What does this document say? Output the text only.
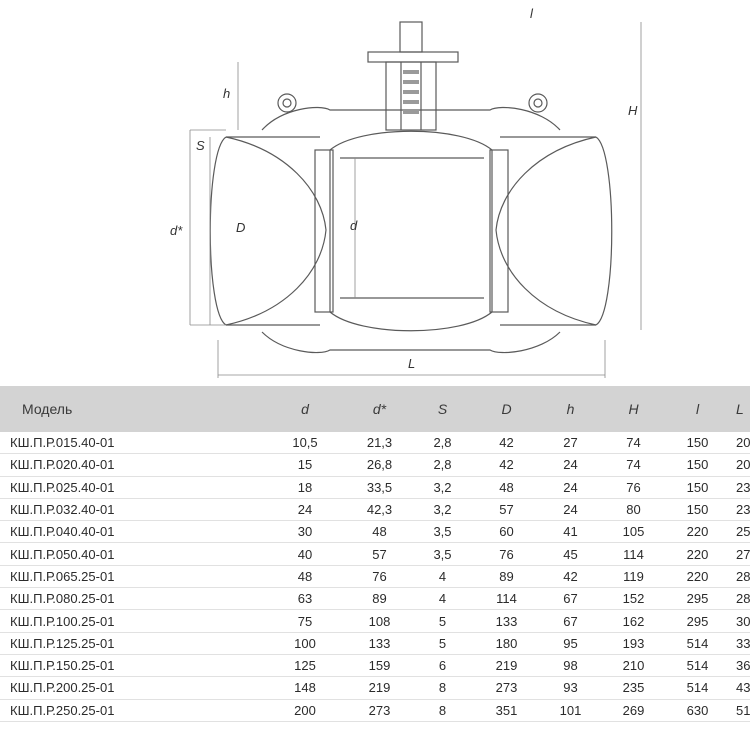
l
h
H
S
d*	D	d
L
Модель	d	d*	S	D	h	H	l	L
КШ.П.Р.015.40-01	10,5	21,3	2,8	42	27	74	150	20
КШ.П.Р.020.40-01	15	26,8	2,8	42	24	74	150	20
КШ.П.Р.025.40-01	18	33,5	3,2	48	24	76	150	23
КШ.П.Р.032.40-01	24	42,3	3,2	57	24	80	150	23
КШ.П.Р.040.40-01	30	48	3,5	60	41	105	220	25
КШ.П.Р.050.40-01	40	57	3,5	76	45	114	220	27
КШ.П.Р.065.25-01	48	76	4	89	42	119	220	28
КШ.П.Р.080.25-01	63	89	4	114	67	152	295	28
КШ.П.Р.100.25-01	75	108	5	133	67	162	295	30
КШ.П.Р.125.25-01	100	133	5	180	95	193	514	33
КШ.П.Р.150.25-01	125	159	6	219	98	210	514	36
КШ.П.Р.200.25-01	148	219	8	273	93	235	514	43
КШ.П.Р.250.25-01	200	273	8	351	101	269	630	51
